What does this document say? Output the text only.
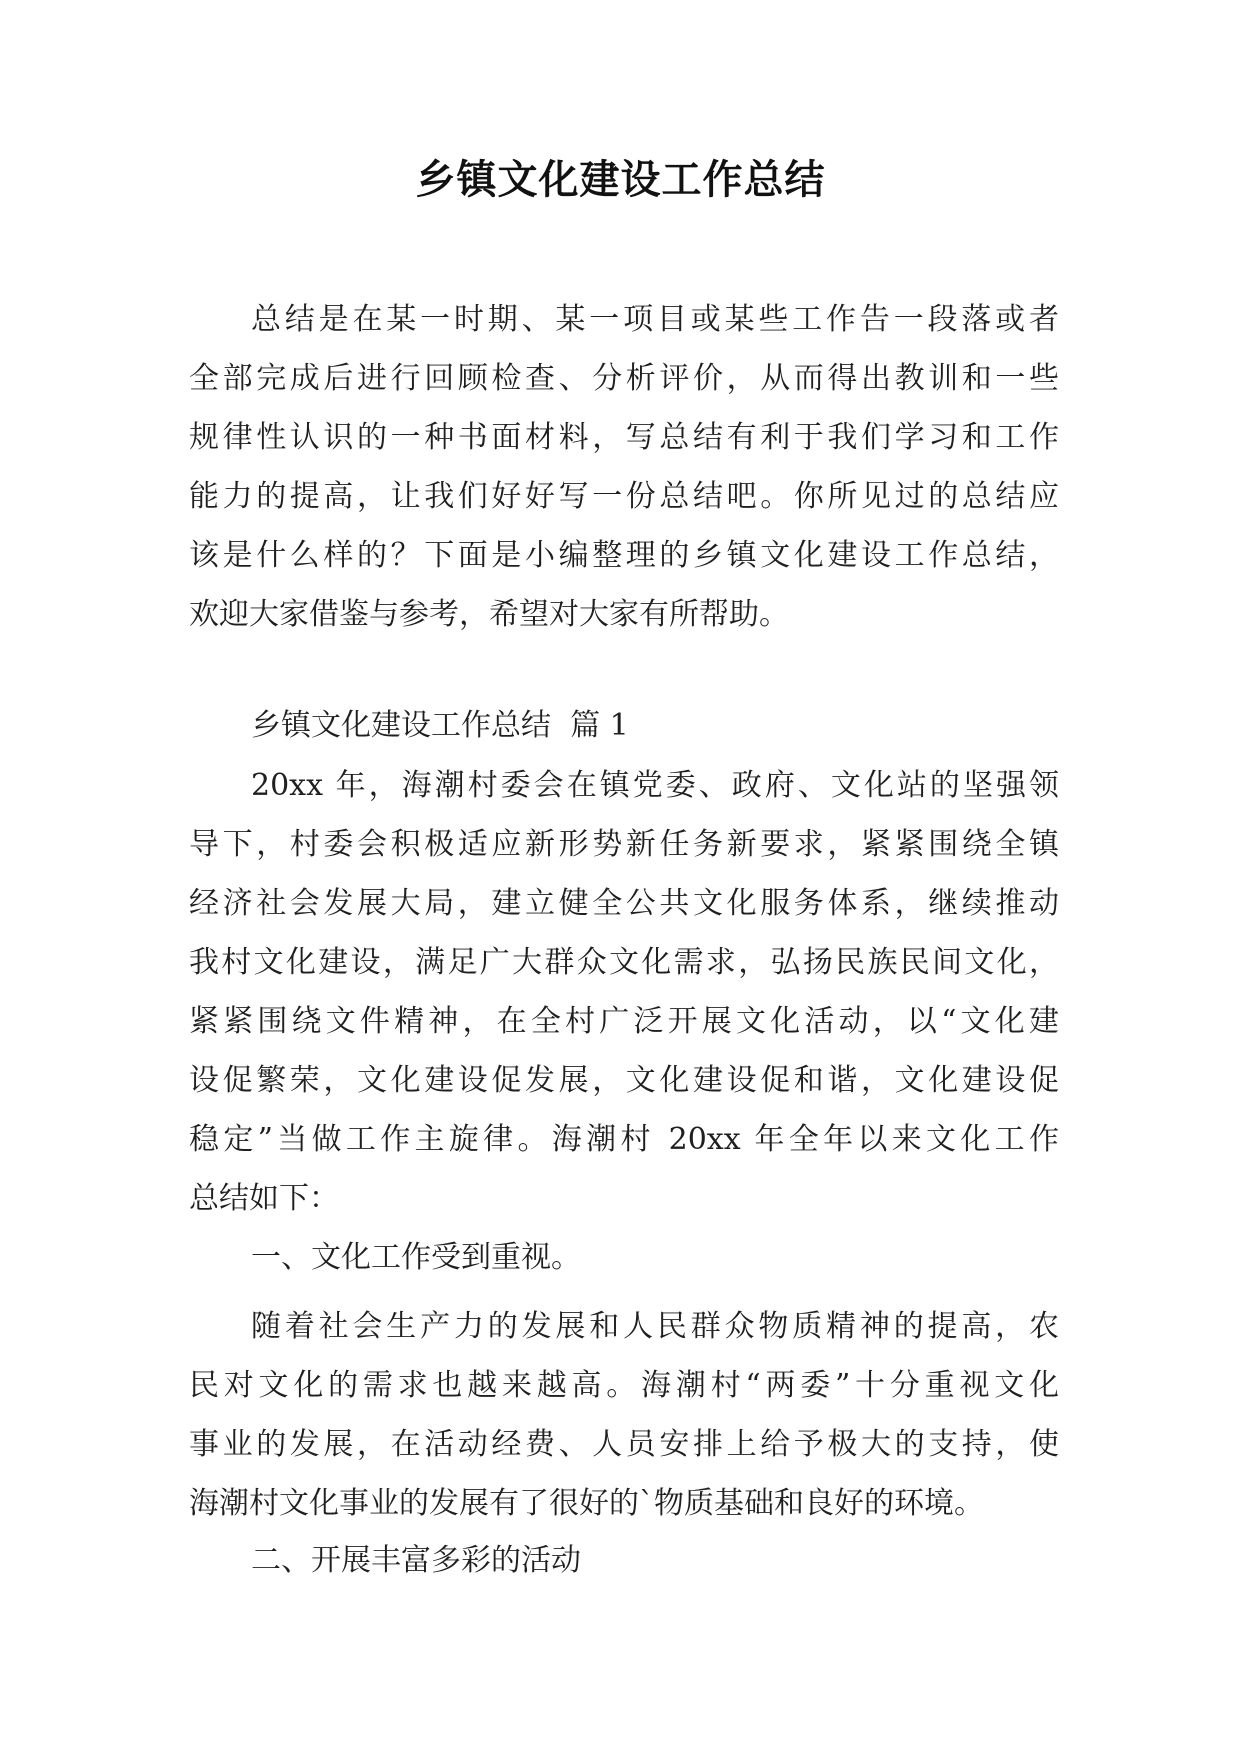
乡镇文化建设工作总结
总结是在某一时期、某一项目或某些工作告一段落或者
全部完成后进行回顾检查、分析评价，从而得出教训和一些
规律性认识的一种书面材料，写总结有利于我们学习和工作
能力的提高，让我们好好写一份总结吧。你所见过的总结应
该是什么样的？下面是小编整理的乡镇文化建设工作总结，
欢迎大家借鉴与参考，希望对大家有所帮助。
乡镇文化建设工作总结  篇 1
20xx 年，海潮村委会在镇党委、政府、文化站的坚强领
导下，村委会积极适应新形势新任务新要求，紧紧围绕全镇
经济社会发展大局，建立健全公共文化服务体系，继续推动
我村文化建设，满足广大群众文化需求，弘扬民族民间文化，
紧紧围绕文件精神，在全村广泛开展文化活动，以“文化建
设促繁荣，文化建设促发展，文化建设促和谐，文化建设促
稳定”当做工作主旋律。海潮村 20xx 年全年以来文化工作
总结如下：
一、文化工作受到重视。
随着社会生产力的发展和人民群众物质精神的提高，农
民对文化的需求也越来越高。海潮村“两委”十分重视文化
事业的发展，在活动经费、人员安排上给予极大的支持，使
海潮村文化事业的发展有了很好的`物质基础和良好的环境。
二、开展丰富多彩的活动
